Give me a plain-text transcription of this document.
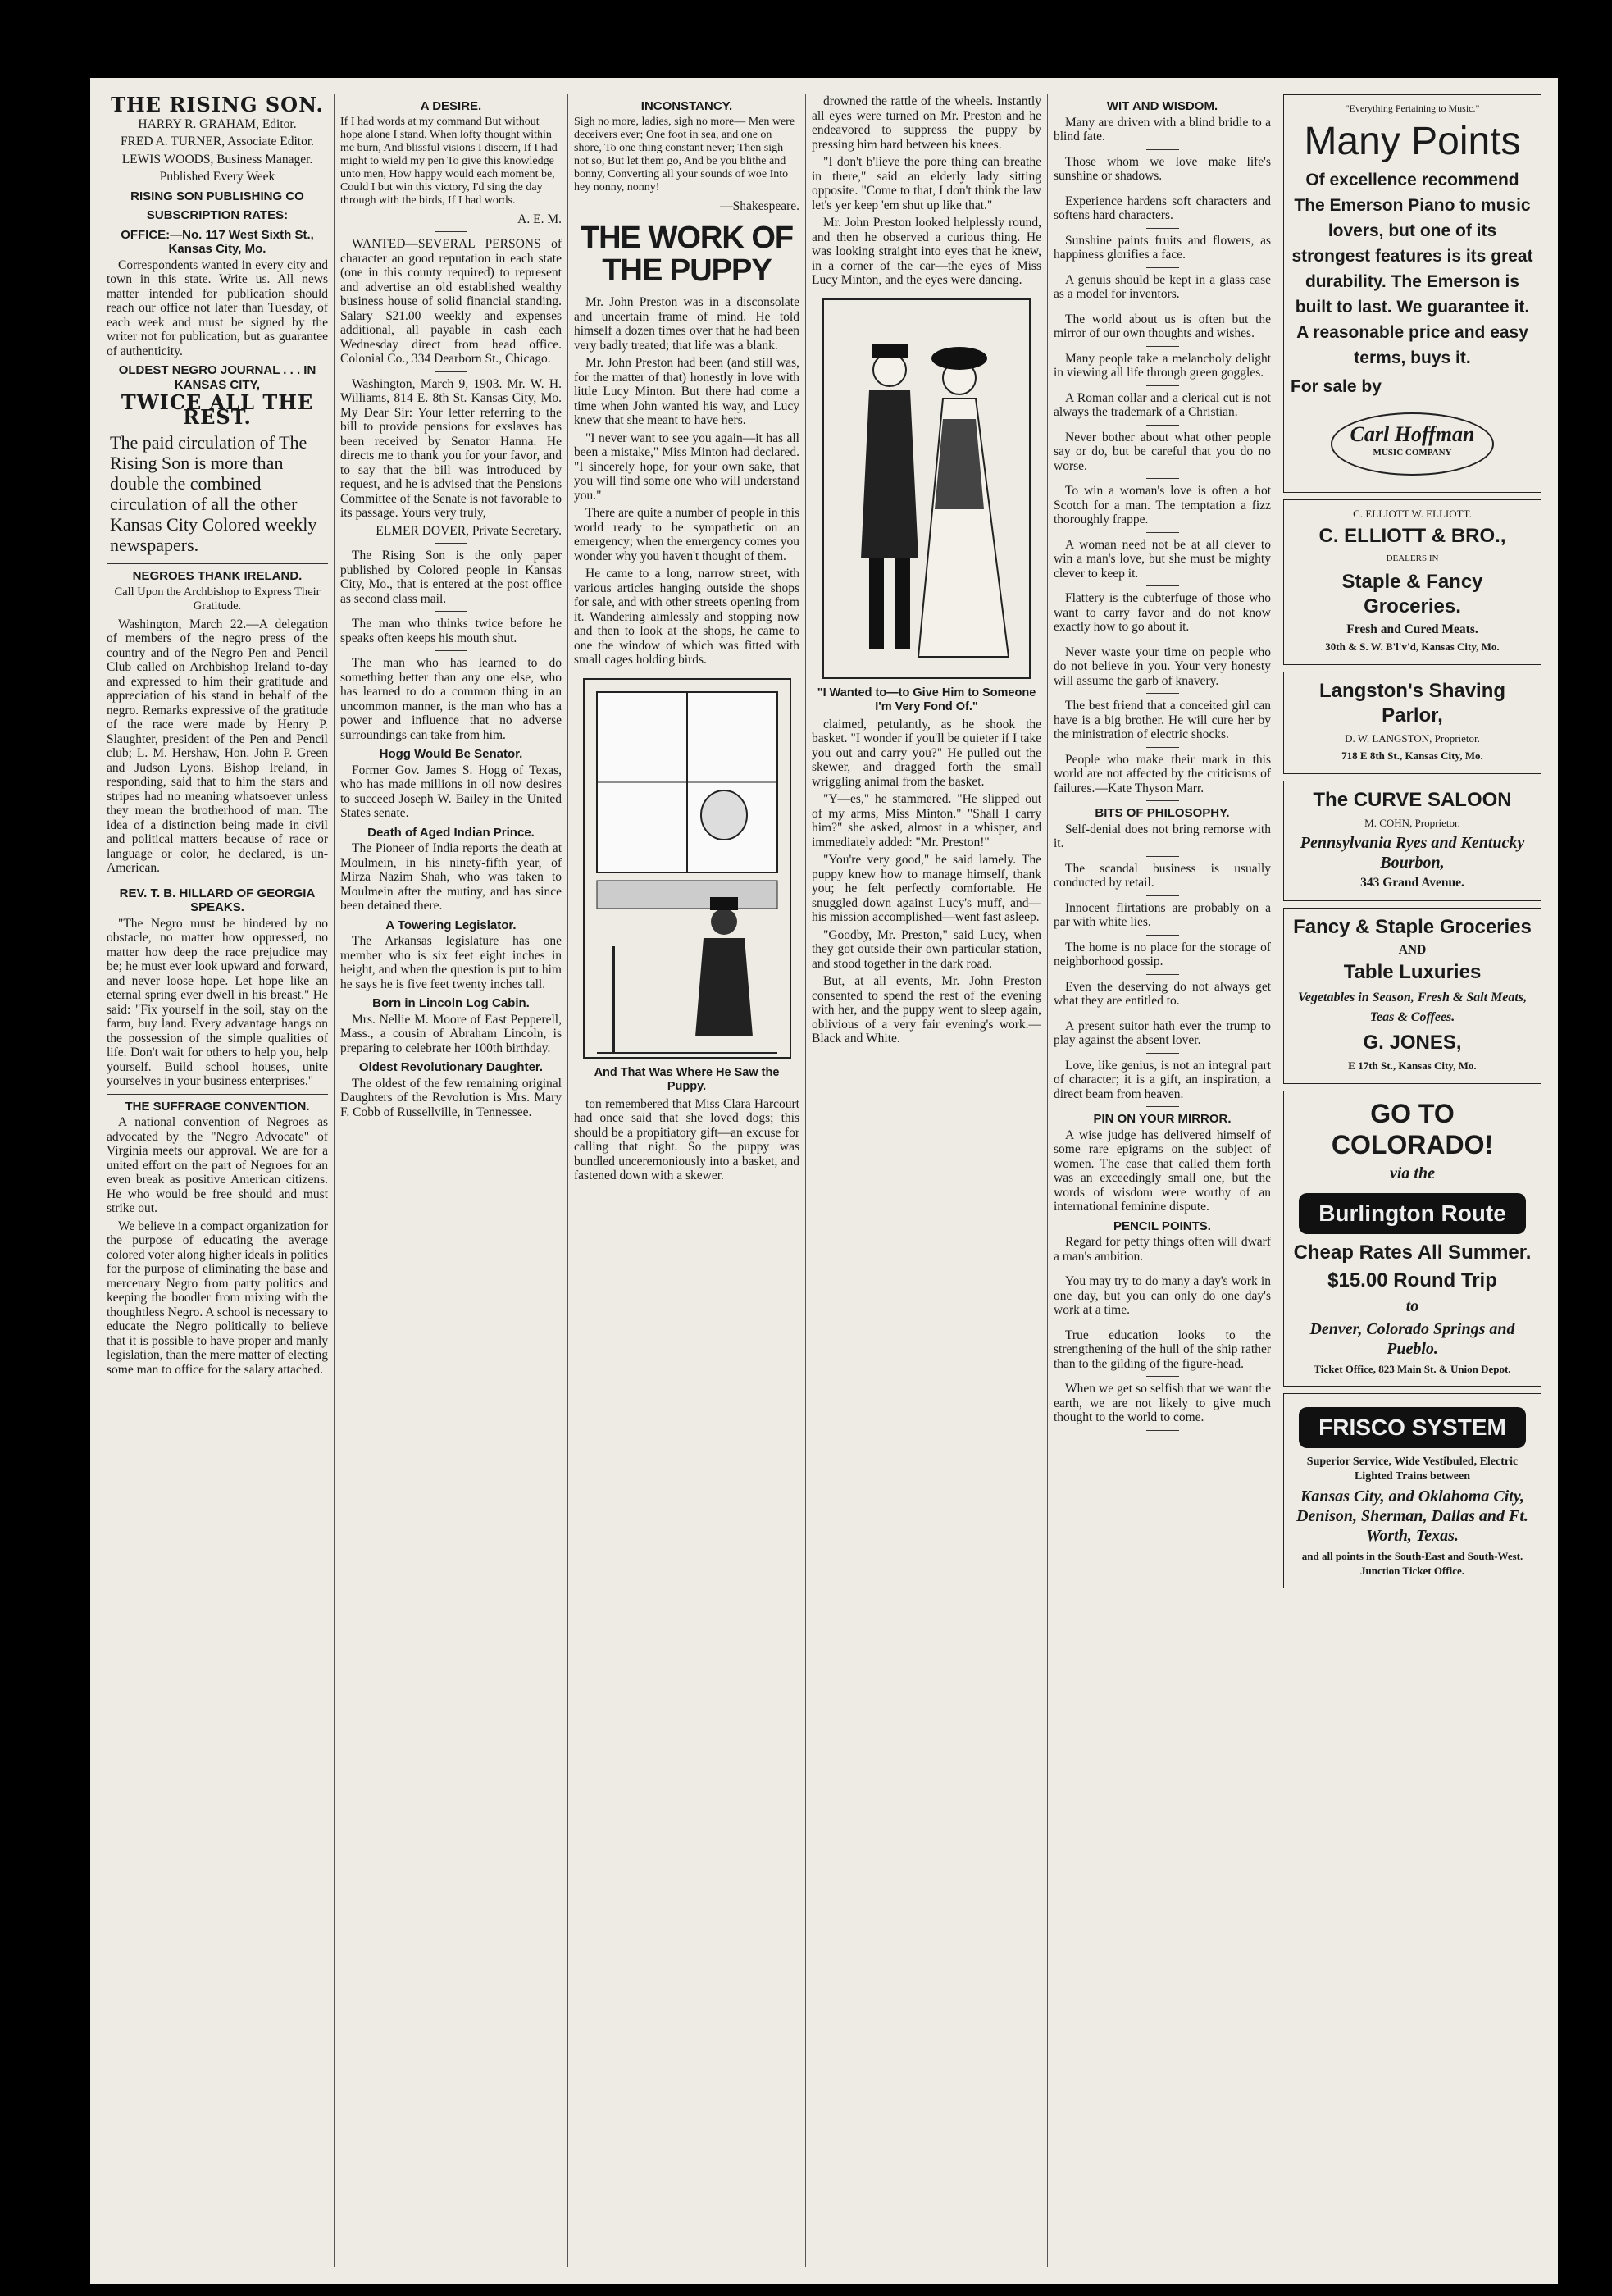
THE RISING SON.

HARRY R. GRAHAM, Editor.

FRED A. TURNER, Associate Editor.

LEWIS WOODS, Business Manager.

Published Every Week

RISING SON PUBLISHING CO

SUBSCRIPTION RATES:

OFFICE:—No. 117 West Sixth St., Kansas City, Mo.

Correspondents wanted in every city and town in this state. Write us. All news matter intended for publication should reach our office not later than Tuesday, of each week and must be signed by the writer not for publication, but as guarantee of authenticity.

OLDEST NEGRO JOURNAL . . . IN KANSAS CITY,

TWICE ALL THE REST.
The paid circulation of The Rising Son is more than double the combined circulation of all the other Kansas City Colored weekly newspapers.

NEGROES THANK IRELAND.

Call Upon the Archbishop to Express Their Gratitude.

Washington, March 22.—A delegation of members of the negro press of the country and of the Negro Pen and Pencil Club called on Archbishop Ireland to-day and expressed to him their gratitude and appreciation of his stand in behalf of the negro. Remarks expressive of the gratitude of the race were made by Henry P. Slaughter, president of the Pen and Pencil club; L. M. Hershaw, Hon. John P. Green and Judson Lyons. Bishop Ireland, in responding, said that to him the stars and stripes had no meaning whatsoever unless they mean the brotherhood of man. The idea of a distinction being made in civil and political matters because of race or language or color, he declared, is un-American.

REV. T. B. HILLARD OF GEORGIA SPEAKS.

"The Negro must be hindered by no obstacle, no matter how oppressed, no matter how deep the race prejudice may be; he must ever look upward and forward, and never loose hope. Let hope like an eternal spring ever dwell in his breast." He said: "Fix yourself in the soil, stay on the farm, buy land. Every advantage hangs on the possession of the simple qualities of life. Don't wait for others to help you, help yourself. Build school houses, unite yourselves in your business enterprises."

THE SUFFRAGE CONVENTION.

A national convention of Negroes as advocated by the "Negro Advocate" of Virginia meets our approval. We are for a united effort on the part of Negroes for an even break as positive American citizens. He who would be free should and must strike out.

We believe in a compact organization for the purpose of educating the average colored voter along higher ideals in politics for the purpose of eliminating the base and mercenary Negro from party politics and keeping the boodler from mixing with the thoughtless Negro. A school is necessary to educate the Negro politically to believe that it is possible to have proper and manly legislation, than the mere matter of electing some man to office for the salary attached.

A DESIRE.

If I had words at my command But without hope alone I stand, When lofty thought within me burn, And blissful visions I discern, If I had might to wield my pen To give this knowledge unto men, How happy would each moment be, Could I but win this victory, I'd sing the day through with the birds, If I had words.

A. E. M.

WANTED—SEVERAL PERSONS of character an good reputation in each state (one in this county required) to represent and advertise an old established wealthy business house of solid financial standing. Salary $21.00 weekly and expenses additional, all payable in cash each Wednesday direct from head office. Colonial Co., 334 Dearborn St., Chicago.

Washington, March 9, 1903. Mr. W. H. Williams, 814 E. 8th St. Kansas City, Mo. My Dear Sir: Your letter referring to the bill to provide pensions for exslaves has been received by Senator Hanna. He directs me to thank you for your favor, and to say that the bill was introduced by request, and he is advised that the Pensions Committee of the Senate is not favorable to its passage. Yours very truly,

ELMER DOVER, Private Secretary.

The Rising Son is the only paper published by Colored people in Kansas City, Mo., that is entered at the post office as second class mail.

The man who thinks twice before he speaks often keeps his mouth shut.

The man who has learned to do something better than any one else, who has learned to do a common thing in an uncommon manner, is the man who has a power and influence that no adverse surroundings can take from him.

Hogg Would Be Senator.

Former Gov. James S. Hogg of Texas, who has made millions in oil now desires to succeed Joseph W. Bailey in the United States senate.

Death of Aged Indian Prince.

The Pioneer of India reports the death at Moulmein, in his ninety-fifth year, of Mirza Nazim Shah, who was taken to Moulmein after the mutiny, and has since been detained there.

A Towering Legislator.

The Arkansas legislature has one member who is six feet eight inches in height, and when the question is put to him he says he is five feet twenty inches tall.

Born in Lincoln Log Cabin.

Mrs. Nellie M. Moore of East Pepperell, Mass., a cousin of Abraham Lincoln, is preparing to celebrate her 100th birthday.

Oldest Revolutionary Daughter.

The oldest of the few remaining original Daughters of the Revolution is Mrs. Mary F. Cobb of Russellville, in Tennessee.

INCONSTANCY.

Sigh no more, ladies, sigh no more— Men were deceivers ever; One foot in sea, and one on shore, To one thing constant never; Then sigh not so, But let them go, And be you blithe and bonny, Converting all your sounds of woe Into hey nonny, nonny!

—Shakespeare.

THE WORK OF THE PUPPY

Mr. John Preston was in a disconsolate and uncertain frame of mind. He told himself a dozen times over that he had been very badly treated; that life was a blank.

Mr. John Preston had been (and still was, for the matter of that) honestly in love with little Lucy Minton. But there had come a time when John wanted his way, and Lucy knew that she meant to have hers.

"I never want to see you again—it has all been a mistake," Miss Minton had declared. "I sincerely hope, for your own sake, that you will find some one who will understand you."

There are quite a number of people in this world ready to be sympathetic on an emergency; when the emergency comes you wonder why you haven't thought of them.

He came to a long, narrow street, with various articles hanging outside the shops for sale, and with other streets opening from it. Wandering aimlessly and stopping now and then to look at the shops, he came to one the window of which was fitted with small cages holding birds.

And That Was Where He Saw the Puppy.

ton remembered that Miss Clara Harcourt had once said that she loved dogs; this should be a propitiatory gift—an excuse for calling that night. So the puppy was bundled unceremoniously into a basket, and fastened down with a skewer.

drowned the rattle of the wheels. Instantly all eyes were turned on Mr. Preston and he endeavored to suppress the puppy by pressing him hard between his knees.

"I don't b'lieve the pore thing can breathe in there," said an elderly lady sitting opposite. "Come to that, I don't think the law let's yer keep 'em shut up like that."

Mr. John Preston looked helplessly round, and then he observed a curious thing. He was looking straight into eyes that he knew, in a corner of the car—the eyes of Miss Lucy Minton, and the eyes were dancing.

"I Wanted to—to Give Him to Someone I'm Very Fond Of."

claimed, petulantly, as he shook the basket. "I wonder if you'll be quieter if I take you out and carry you?" He pulled out the skewer, and dragged forth the small wriggling animal from the basket.

"Y—es," he stammered. "He slipped out of my arms, Miss Minton." "Shall I carry him?" she asked, almost in a whisper, and immediately added: "Mr. Preston!"

"You're very good," he said lamely. The puppy knew how to manage himself, thank you; he felt perfectly comfortable. He snuggled down against Lucy's muff, and—his mission accomplished—went fast asleep.

"Goodby, Mr. Preston," said Lucy, when they got outside their own particular station, and stood together in the dark road.

But, at all events, Mr. John Preston consented to spend the rest of the evening with her, and the puppy went to sleep again, oblivious of a very fair evening's work.—Black and White.

WIT AND WISDOM.

Many are driven with a blind bridle to a blind fate.

Those whom we love make life's sunshine or shadows.

Experience hardens soft characters and softens hard characters.

Sunshine paints fruits and flowers, as happiness glorifies a face.

A genuis should be kept in a glass case as a model for inventors.

The world about us is often but the mirror of our own thoughts and wishes.

Many people take a melancholy delight in viewing all life through green goggles.

A Roman collar and a clerical cut is not always the trademark of a Christian.

Never bother about what other people say or do, but be careful that you do no worse.

To win a woman's love is often a hot Scotch for a man. The temptation a fizz thoroughly frappe.

A woman need not be at all clever to win a man's love, but she must be mighty clever to keep it.

Flattery is the cubterfuge of those who want to carry favor and do not know exactly how to go about it.

Never waste your time on people who do not believe in you. Your very honesty will assume the garb of knavery.

The best friend that a conceited girl can have is a big brother. He will cure her by the ministration of electric shocks.

People who make their mark in this world are not affected by the criticisms of failures.—Kate Thyson Marr.

BITS OF PHILOSOPHY.

Self-denial does not bring remorse with it.

The scandal business is usually conducted by retail.

Innocent flirtations are probably on a par with white lies.

The home is no place for the storage of neighborhood gossip.

Even the deserving do not always get what they are entitled to.

A present suitor hath ever the trump to play against the absent lover.

Love, like genius, is not an integral part of character; it is a gift, an inspiration, a direct beam from heaven.

PIN ON YOUR MIRROR.

A wise judge has delivered himself of some rare epigrams on the subject of women. The case that called them forth was an exceedingly small one, but the words of wisdom were worthy of an international feminine dispute.

PENCIL POINTS.

Regard for petty things often will dwarf a man's ambition.

You may try to do many a day's work in one day, but you can only do one day's work at a time.

True education looks to the strengthening of the hull of the ship rather than to the gilding of the figure-head.

When we get so selfish that we want the earth, we are not likely to give much thought to the world to come.

"Everything Pertaining to Music."

Many Points

Of excellence recommend The Emerson Piano to music lovers, but one of its strongest features is its great durability. The Emerson is built to last. We guarantee it. A reasonable price and easy terms, buys it.

For sale by

Carl Hoffman
MUSIC COMPANY

C. ELLIOTT W. ELLIOTT.

C. ELLIOTT & BRO.,

DEALERS IN

Staple & Fancy Groceries.

Fresh and Cured Meats.

30th & S. W. B'l'v'd, Kansas City, Mo.

Langston's Shaving Parlor,

D. W. LANGSTON, Proprietor.

718 E 8th St., Kansas City, Mo.

The CURVE SALOON

M. COHN, Proprietor.

Pennsylvania Ryes and Kentucky Bourbon,

343 Grand Avenue.

Fancy & Staple Groceries

AND

Table Luxuries

Vegetables in Season, Fresh & Salt Meats, Teas & Coffees.

G. JONES,

E 17th St., Kansas City, Mo.

GO TO COLORADO!

via the

Burlington Route

Cheap Rates All Summer.

$15.00 Round Trip

to

Denver, Colorado Springs and Pueblo.

Ticket Office, 823 Main St. & Union Depot.

FRISCO SYSTEM

Superior Service, Wide Vestibuled, Electric Lighted Trains between

Kansas City, and Oklahoma City, Denison, Sherman, Dallas and Ft. Worth, Texas.

and all points in the South-East and South-West. Junction Ticket Office.
